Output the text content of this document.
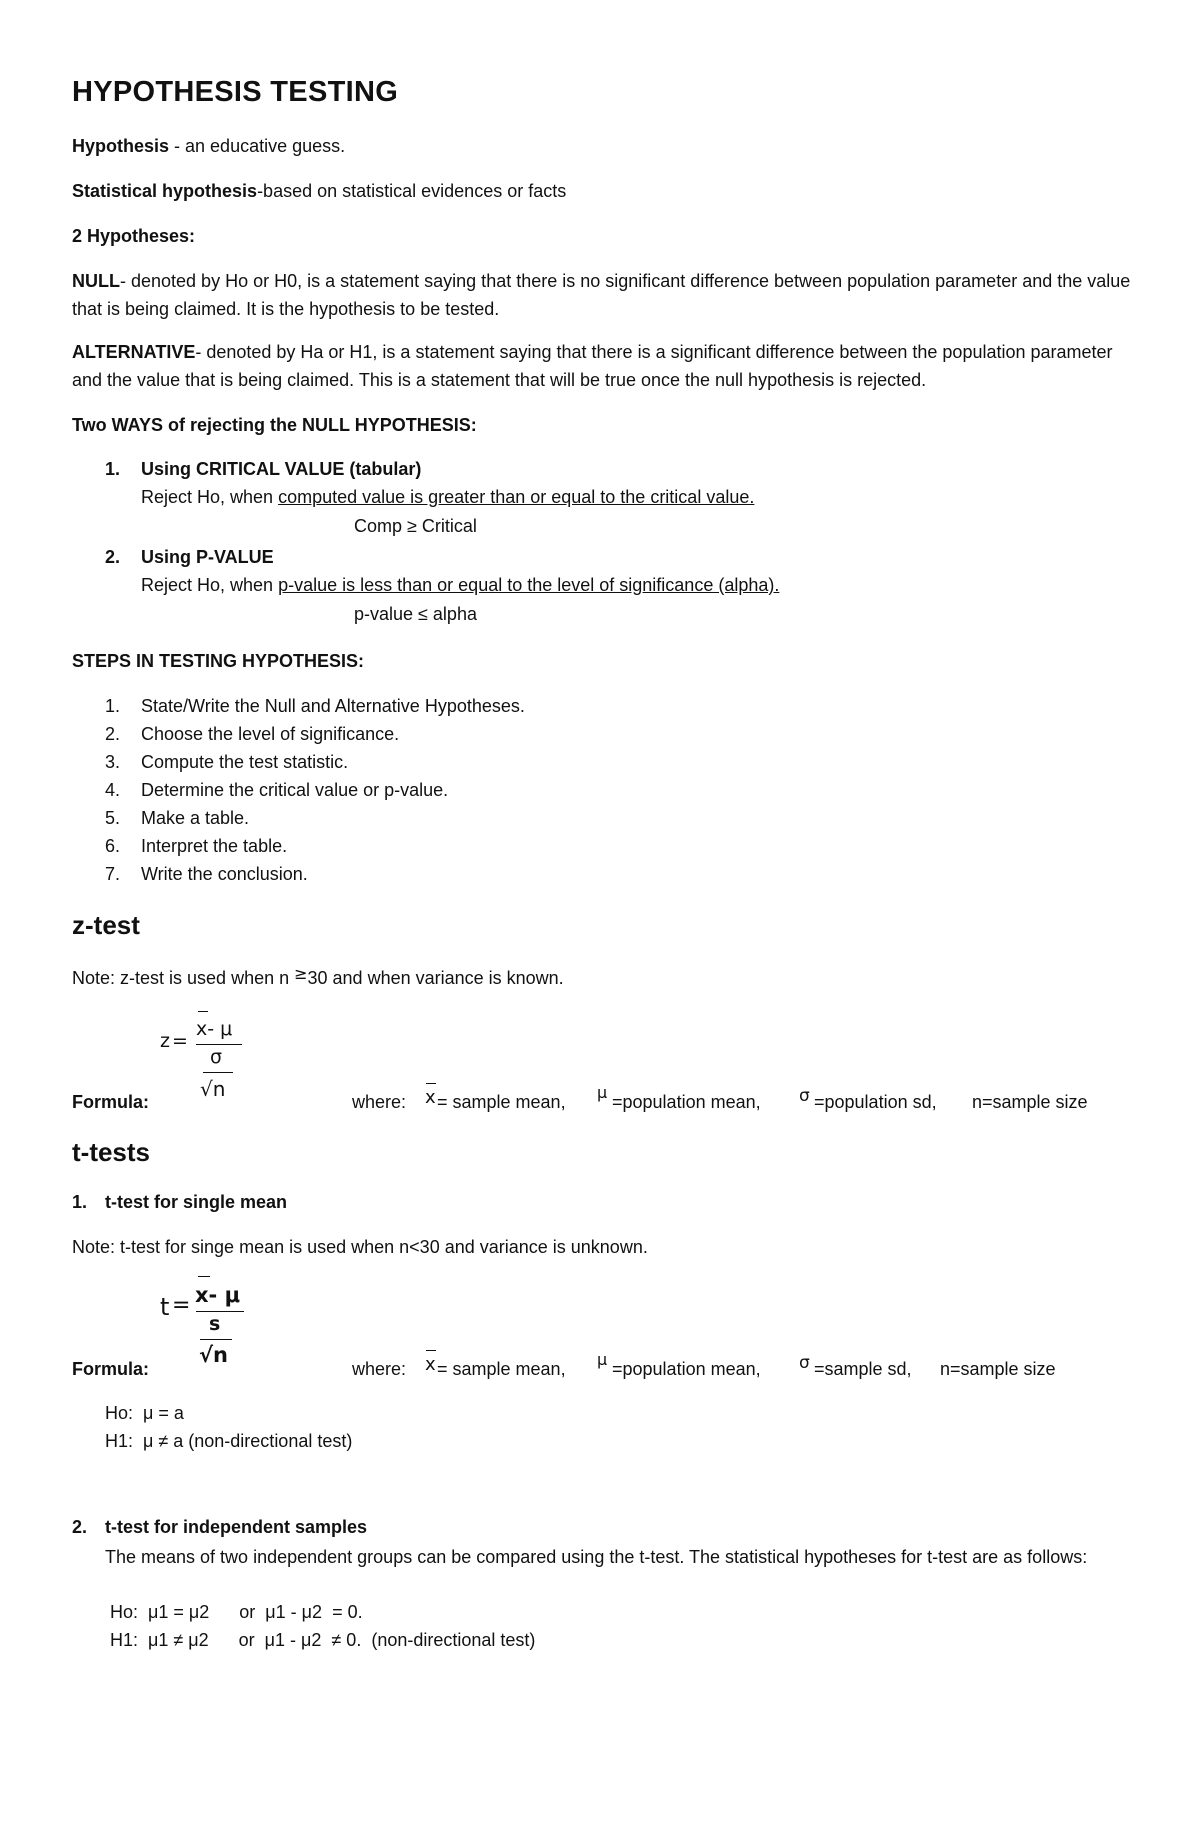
HYPOTHESIS TESTING
Hypothesis - an educative guess.
Statistical hypothesis-based on statistical evidences or facts
2 Hypotheses:
NULL- denoted by Ho or H0, is a statement saying that there is no significant difference between population parameter and the value that is being claimed. It is the hypothesis to be tested.
ALTERNATIVE- denoted by Ha or H1, is a statement saying that there is a significant difference between the population parameter and the value that is being claimed. This is a statement that will be true once the null hypothesis is rejected.
Two WAYS of rejecting the NULL HYPOTHESIS:
1.	Using CRITICAL VALUE (tabular)
Reject Ho, when computed value is greater than or equal to the critical value.
Comp ≥ Critical
2.	Using P-VALUE
Reject Ho, when p-value is less than or equal to the level of significance (alpha).
p-value ≤ alpha
STEPS IN TESTING HYPOTHESIS:
1.	State/Write the Null and Alternative Hypotheses.
2.	Choose the level of significance.
3.	Compute the test statistic.
4.	Determine the critical value or p-value.
5.	Make a table.
6.	Interpret the table.
7.	Write the conclusion.
z-test
Note: z-test is used when n ≥30 and when variance is known.
z =
x- μ
σ
√n
Formula:	where: x = sample mean, μ =population mean, σ =population sd, n=sample size
t-tests
1. t-test for single mean
Note: t-test for singe mean is used when n<30 and variance is unknown.
t = x- μ
s
√n
Formula:	where: x = sample mean, μ =population mean, σ =sample sd, n=sample size
Ho:  μ = a
H1:  μ ≠ a (non-directional test)
2. t-test for independent samples
The means of two independent groups can be compared using the t-test. The statistical hypotheses for t-test are as follows:
Ho:  μ1 = μ2      or  μ1 - μ2  = 0.
H1:  μ1 ≠ μ2      or  μ1 - μ2  ≠ 0.  (non-directional test)
